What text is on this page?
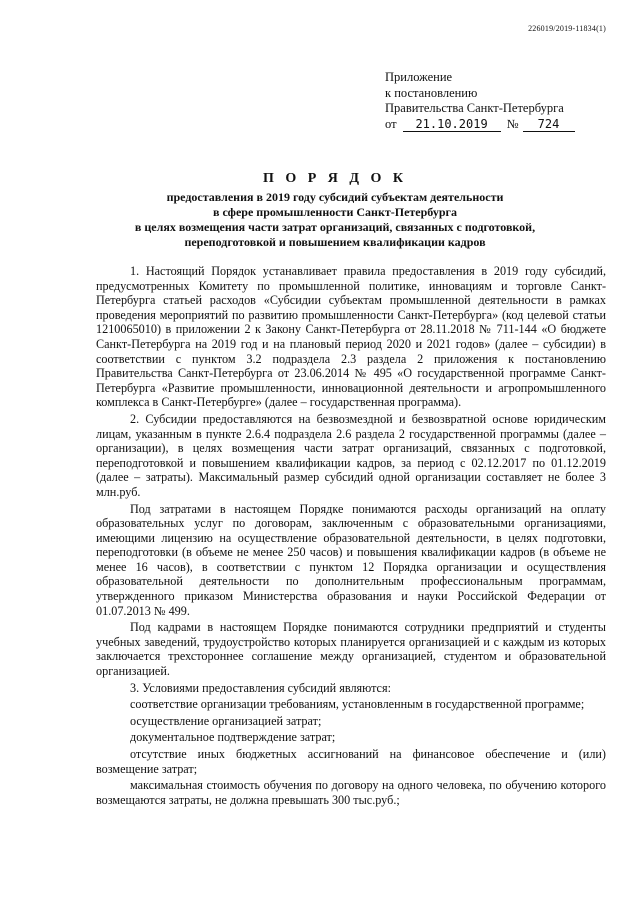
226019/2019-11834(1)
Приложение
к постановлению
Правительства Санкт-Петербурга
от 21.10.2019 № 724
П О Р Я Д О К
предоставления в 2019 году субсидий субъектам деятельности
в сфере промышленности Санкт-Петербурга
в целях возмещения части затрат организаций, связанных с подготовкой,
переподготовкой и повышением квалификации кадров

1. Настоящий Порядок устанавливает правила предоставления в 2019 году субсидий, предусмотренных Комитету по промышленной политике, инновациям и торговле Санкт-Петербурга статьей расходов «Субсидии субъектам промышленной деятельности в рамках проведения мероприятий по развитию промышленности Санкт-Петербурга» (код целевой статьи 1210065010) в приложении 2 к Закону Санкт-Петербурга от 28.11.2018 № 711-144 «О бюджете Санкт-Петербурга на 2019 год и на плановый период 2020 и 2021 годов» (далее – субсидии) в соответствии с пунктом 3.2 подраздела 2.3 раздела 2 приложения к постановлению Правительства Санкт-Петербурга от 23.06.2014 № 495 «О государственной программе Санкт-Петербурга «Развитие промышленности, инновационной деятельности и агропромышленного комплекса в Санкт-Петербурге» (далее – государственная программа).

2. Субсидии предоставляются на безвозмездной и безвозвратной основе юридическим лицам, указанным в пункте 2.6.4 подраздела 2.6 раздела 2 государственной программы (далее – организации), в целях возмещения части затрат организаций, связанных с подготовкой, переподготовкой и повышением квалификации кадров, за период с 02.12.2017 по 01.12.2019 (далее – затраты). Максимальный размер субсидий одной организации составляет не более 3 млн.руб.

Под затратами в настоящем Порядке понимаются расходы организаций на оплату образовательных услуг по договорам, заключенным с образовательными организациями, имеющими лицензию на осуществление образовательной деятельности, в целях подготовки, переподготовки (в объеме не менее 250 часов) и повышения квалификации кадров (в объеме не менее 16 часов), в соответствии с пунктом 12 Порядка организации и осуществления образовательной деятельности по дополнительным профессиональным программам, утвержденного приказом Министерства образования и науки Российской Федерации от 01.07.2013 № 499.

Под кадрами в настоящем Порядке понимаются сотрудники предприятий и студенты учебных заведений, трудоустройство которых планируется организацией и с каждым из которых заключается трехстороннее соглашение между организацией, студентом и образовательной организацией.

3. Условиями предоставления субсидий являются:

соответствие организации требованиям, установленным в государственной программе;

осуществление организацией затрат;

документальное подтверждение затрат;

отсутствие иных бюджетных ассигнований на финансовое обеспечение и (или) возмещение затрат;

максимальная стоимость обучения по договору на одного человека, по обучению которого возмещаются затраты, не должна превышать 300 тыс.руб.;
